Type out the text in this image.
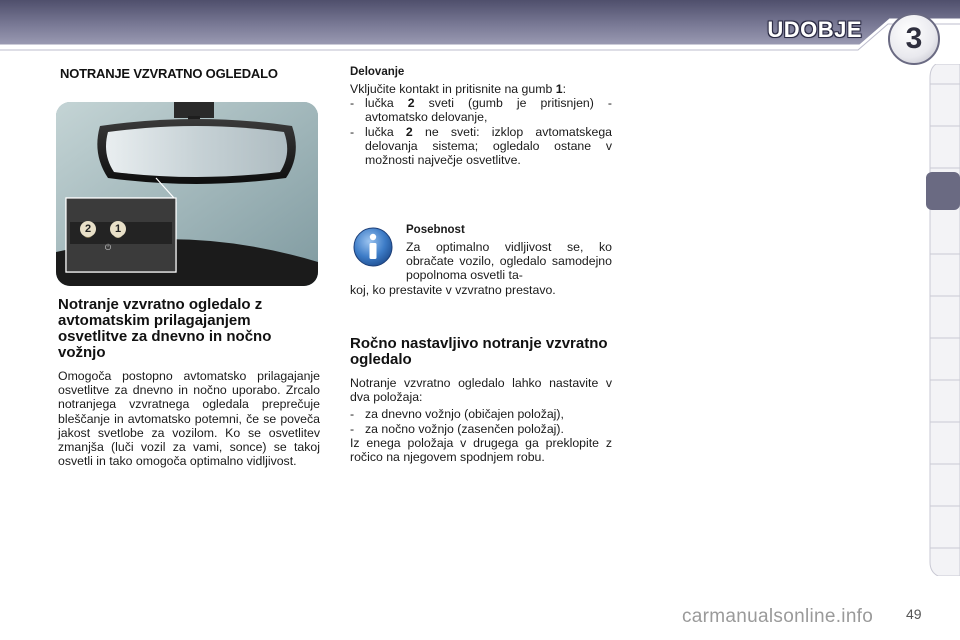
UDOBJE	3
NOTRANJE VZVRATNO OGLEDALO
⏻
2	1

Notranje vzvratno ogledalo z avtomatskim prilagajanjem osvetlitve za dnevno in nočno vožnjo

Omogoča postopno avtomatsko prilagajanje osvetlitve za dnevno in nočno uporabo. Zrcalo notranjega vzvratnega ogledala preprečuje bleščanje in avtomatsko potemni, če se poveča jakost svetlobe za vozilom. Ko se osvetlitev zmanjša (luči vozil za vami, sonce) se takoj osvetli in tako omogoča optimalno vidljivost.

Delovanje

Vključite kontakt in pritisnite na gumb 1:

- lučka 2 sveti (gumb je pritisnjen) - avtomatsko delovanje,
- lučka 2 ne sveti: izklop avtomatskega delovanja sistema; ogledalo ostane v možnosti največje osvetlitve.
Posebnost
Za optimalno vidljivost se, ko obračate vozilo, ogledalo samodejno popolnoma osvetli ta-
koj, ko prestavite v vzvratno prestavo.

Ročno nastavljivo notranje vzvratno ogledalo

Notranje vzvratno ogledalo lahko nastavite v dva položaja:

- za dnevno vožnjo (običajen položaj),
- za nočno vožnjo (zasenčen položaj).

Iz enega položaja v drugega ga preklopite z ročico na njegovem spodnjem robu.

carmanualsonline.info 49
